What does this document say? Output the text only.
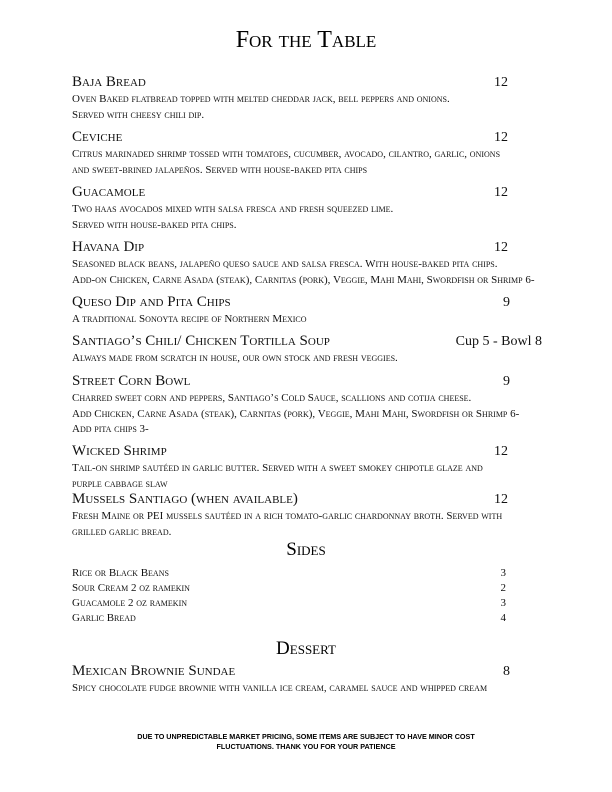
For the Table
Baja Bread	12
Oven Baked flatbread topped with melted cheddar jack, bell peppers and onions.
Served with cheesy chili dip.
Ceviche	12
Citrus marinaded shrimp tossed with tomatoes, cucumber, avocado, cilantro, garlic, onions
and sweet-brined jalapeños. Served with house-baked pita chips
Guacamole	12
Two haas avocados mixed with salsa fresca and fresh squeezed lime.
Served with house-baked pita chips.
Havana Dip	12
Seasoned black beans, jalapeño queso sauce and salsa fresca. With house-baked pita chips.
Add-on Chicken, Carne Asada (steak), Carnitas (pork), Veggie, Mahi Mahi, Swordfish or Shrimp 6-
Queso Dip and Pita Chips	9
A traditional Sonoyta recipe of Northern Mexico
Santiago’s Chili/ Chicken Tortilla Soup	Cup 5 - Bowl 8
Always made from scratch in house, our own stock and fresh veggies.
Street Corn Bowl	9
Charred sweet corn and peppers, Santiago’s Cold Sauce, scallions and cotija cheese.
Add Chicken, Carne Asada (steak), Carnitas (pork), Veggie, Mahi Mahi, Swordfish or Shrimp 6-
Add pita chips 3-
Wicked Shrimp	12
Tail-on shrimp sautéed in garlic butter. Served with a sweet smokey chipotle glaze and
purple cabbage slaw
Mussels Santiago (when available)	12
Fresh Maine or PEI mussels sautéed in a rich tomato-garlic chardonnay broth. Served with
grilled garlic bread.
Sides
Rice or Black Beans	3
Sour Cream 2 oz ramekin	2
Guacamole 2 oz ramekin	3
Garlic Bread	4
Dessert
Mexican Brownie Sundae	8
Spicy chocolate fudge brownie with vanilla ice cream, caramel sauce and whipped cream
DUE TO UNPREDICTABLE MARKET PRICING, SOME ITEMS ARE SUBJECT TO HAVE MINOR COST
FLUCTUATIONS. THANK YOU FOR YOUR PATIENCE
